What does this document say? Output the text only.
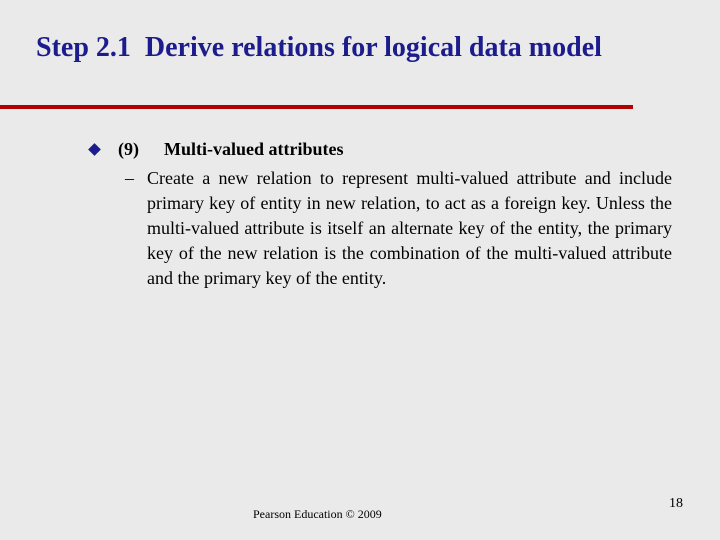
Step 2.1 Derive relations for logical data model
(9)	Multi-valued attributes
– Create a new relation to represent multi-valued attribute and include primary key of entity in new relation, to act as a foreign key. Unless the multi-valued attribute is itself an alternate key of the entity, the primary key of the new relation is the combination of the multi-valued attribute and the primary key of the entity.

Pearson Education © 2009
18
